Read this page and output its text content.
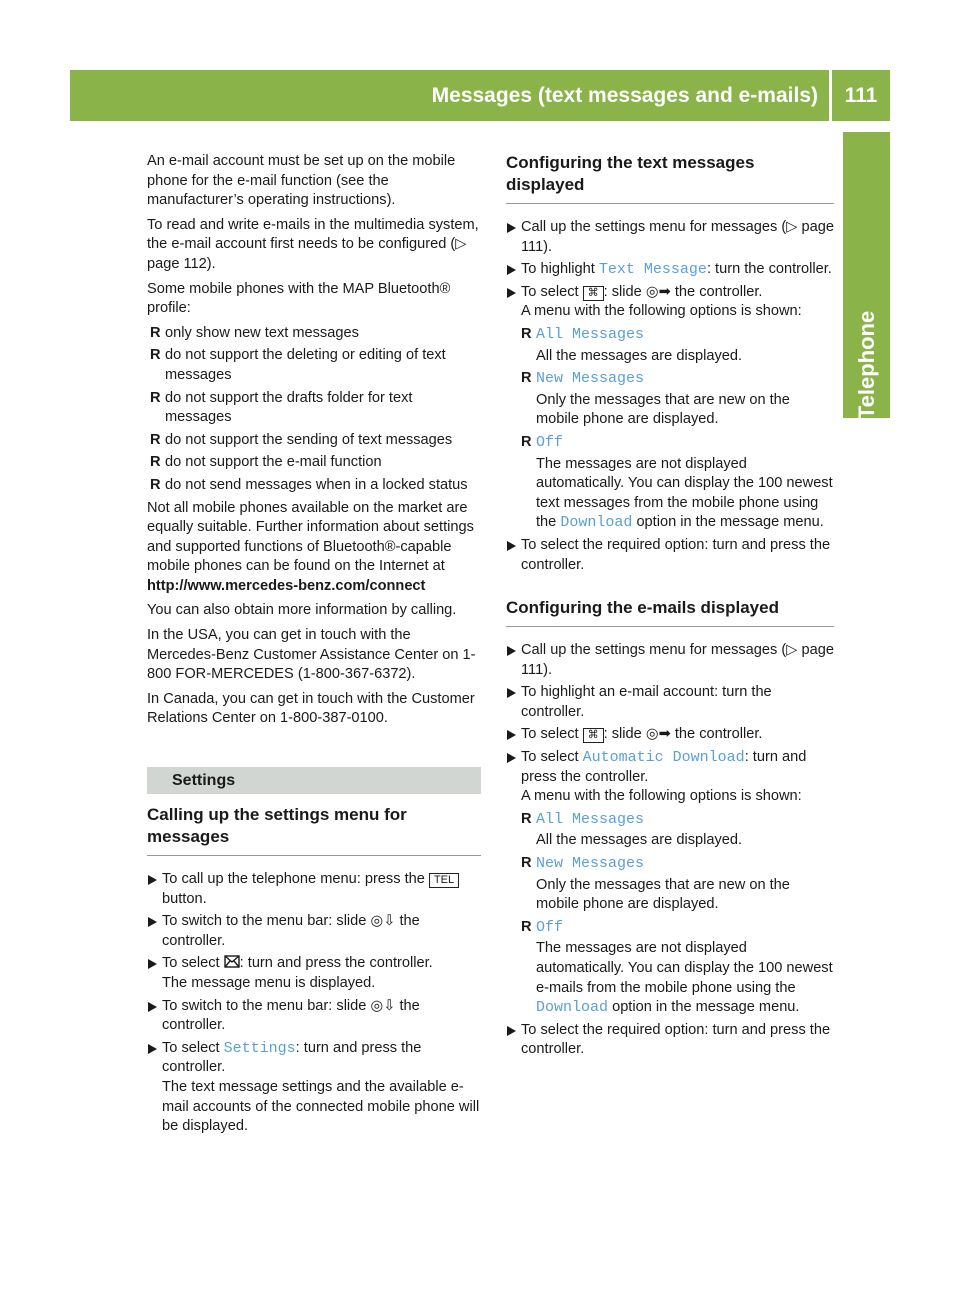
Messages (text messages and e-mails)	111
Telephone

An e-mail account must be set up on the mobile phone for the e-mail function (see the manufacturer’s operating instructions).

To read and write e-mails in the multimedia system, the e-mail account first needs to be configured (▷ page 112).

Some mobile phones with the MAP Bluetooth® profile:

R only show new text messages
R do not support the deleting or editing of text messages
R do not support the drafts folder for text messages
R do not support the sending of text messages
R do not support the e-mail function
R do not send messages when in a locked status

Not all mobile phones available on the market are equally suitable. Further information about settings and supported functions of Bluetooth®-capable mobile phones can be found on the Internet at

http://www.mercedes-benz.com/connect

You can also obtain more information by calling.

In the USA, you can get in touch with the Mercedes-Benz Customer Assistance Center on 1-800 FOR-MERCEDES (1-800-367-6372).

In Canada, you can get in touch with the Customer Relations Center on 1-800-387-0100.

Settings
Calling up the settings menu for messages
To call up the telephone menu: press the TEL button.
To switch to the menu bar: slide ◎⇩ the controller.
To select : turn and press the controller.
The message menu is displayed.
To switch to the menu bar: slide ◎⇩ the controller.
To select Settings: turn and press the controller.
The text message settings and the available e-mail accounts of the connected mobile phone will be displayed.
Configuring the text messages displayed
Call up the settings menu for messages (▷ page 111).
To highlight Text Message: turn the controller.
To select ⌘ : slide ◎➡ the controller.
A menu with the following options is shown:
R All Messages
All the messages are displayed.
R New Messages
Only the messages that are new on the mobile phone are displayed.
R Off
The messages are not displayed automatically. You can display the 100 newest text messages from the mobile phone using the Download option in the message menu.
To select the required option: turn and press the controller.
Configuring the e-mails displayed
Call up the settings menu for messages (▷ page 111).
To highlight an e-mail account: turn the controller.
To select ⌘ : slide ◎➡ the controller.
To select Automatic Download: turn and press the controller.
A menu with the following options is shown:
R All Messages
All the messages are displayed.
R New Messages
Only the messages that are new on the mobile phone are displayed.
R Off
The messages are not displayed automatically. You can display the 100 newest e-mails from the mobile phone using the Download option in the message menu.
To select the required option: turn and press the controller.
